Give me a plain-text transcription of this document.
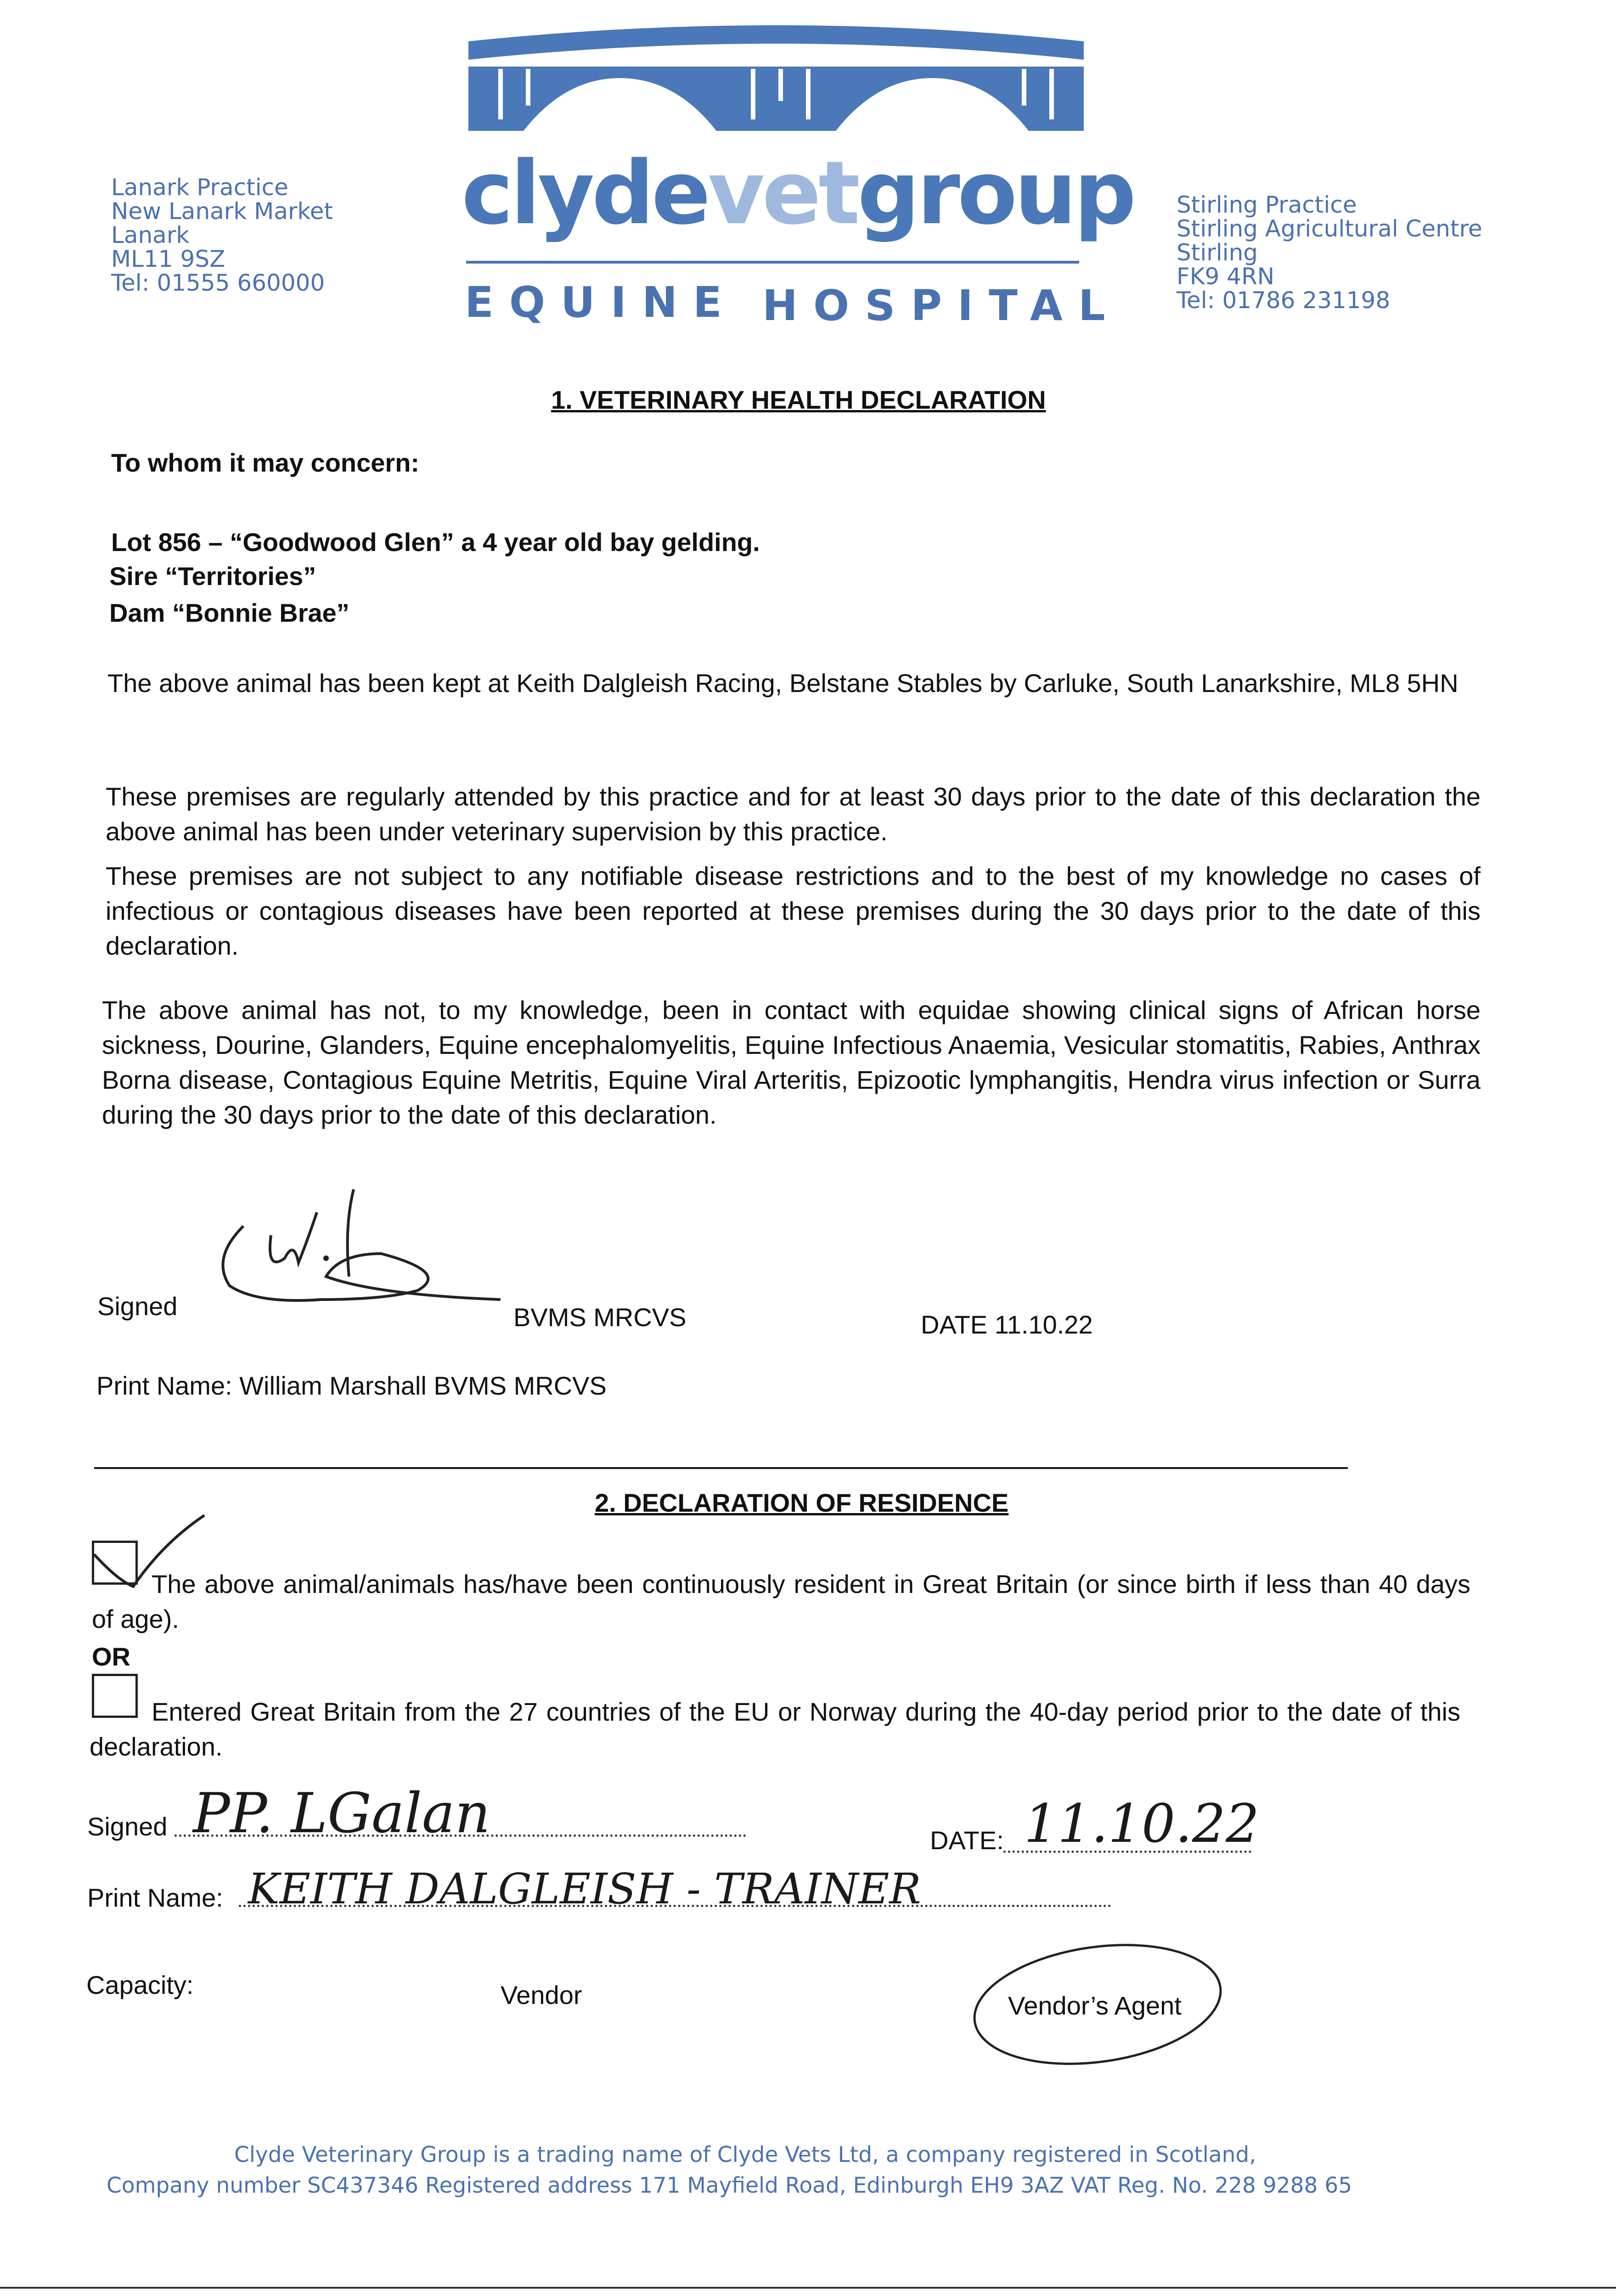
Lanark Practice
New Lanark Market
Lanark
ML11 9SZ
Tel: 01555 660000
clydevetgroup
EQUINE HOSPITAL
Stirling Practice
Stirling Agricultural Centre
Stirling
FK9 4RN
Tel: 01786 231198
1. VETERINARY HEALTH DECLARATION
To whom it may concern:
Lot 856 – “Goodwood Glen” a 4 year old bay gelding.
Sire “Territories”
Dam “Bonnie Brae”
The above animal has been kept at Keith Dalgleish Racing, Belstane Stables by Carluke, South Lanarkshire, ML8 5HN
These premises are regularly attended by this practice and for at least 30 days prior to the date of this declaration the above animal has been under veterinary supervision by this practice.
These premises are not subject to any notifiable disease restrictions and to the best of my knowledge no cases of infectious or contagious diseases have been reported at these premises during the 30 days prior to the date of this declaration.
The above animal has not, to my knowledge, been in contact with equidae showing clinical signs of African horse sickness, Dourine, Glanders, Equine encephalomyelitis, Equine Infectious Anaemia, Vesicular stomatitis, Rabies, Anthrax Borna disease, Contagious Equine Metritis, Equine Viral Arteritis, Epizootic lymphangitis, Hendra virus infection or Surra during the 30 days prior to the date of this declaration.
Signed	BVMS MRCVS	DATE 11.10.22
Print Name: William Marshall BVMS MRCVS
2. DECLARATION OF RESIDENCE
The above animal/animals has/have been continuously resident in Great Britain (or since birth if less than 40 days of age).
OR
Entered Great Britain from the 27 countries of the EU or Norway during the 40-day period prior to the date of this declaration.
Signed PP. LGalan	DATE: 11.10.22
Print Name: KEITH DALGLEISH - TRAINER
Capacity:	Vendor	Vendor’s Agent
Clyde Veterinary Group is a trading name of Clyde Vets Ltd, a company registered in Scotland,
Company number SC437346 Registered address 171 Mayfield Road, Edinburgh EH9 3AZ VAT Reg. No. 228 9288 65
